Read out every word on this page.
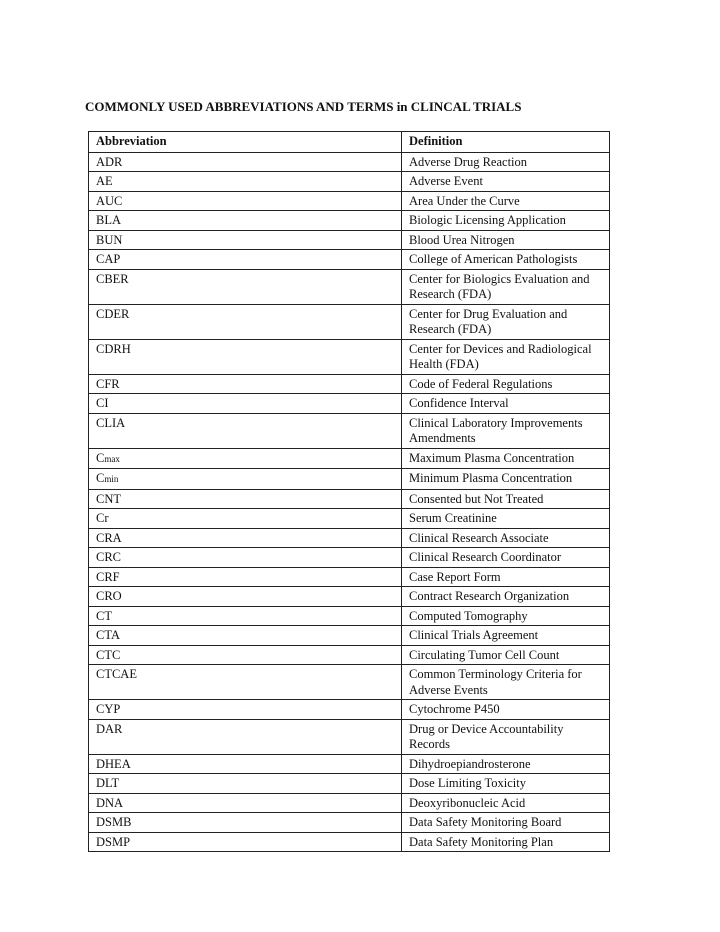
COMMONLY USED ABBREVIATIONS AND TERMS in CLINCAL TRIALS
Abbreviation	Definition
ADR	Adverse Drug Reaction
AE	Adverse Event
AUC	Area Under the Curve
BLA	Biologic Licensing Application
BUN	Blood Urea Nitrogen
CAP	College of American Pathologists
CBER	Center for Biologics Evaluation and Research (FDA)
CDER	Center for Drug Evaluation and Research (FDA)
CDRH	Center for Devices and Radiological Health (FDA)
CFR	Code of Federal Regulations
CI	Confidence Interval
CLIA	Clinical Laboratory Improvements Amendments
Cmax	Maximum Plasma Concentration
Cmin	Minimum Plasma Concentration
CNT	Consented but Not Treated
Cr	Serum Creatinine
CRA	Clinical Research Associate
CRC	Clinical Research Coordinator
CRF	Case Report Form
CRO	Contract Research Organization
CT	Computed Tomography
CTA	Clinical Trials Agreement
CTC	Circulating Tumor Cell Count
CTCAE	Common Terminology Criteria for Adverse Events
CYP	Cytochrome P450
DAR	Drug or Device Accountability Records
DHEA	Dihydroepiandrosterone
DLT	Dose Limiting Toxicity
DNA	Deoxyribonucleic Acid
DSMB	Data Safety Monitoring Board
DSMP	Data Safety Monitoring Plan
